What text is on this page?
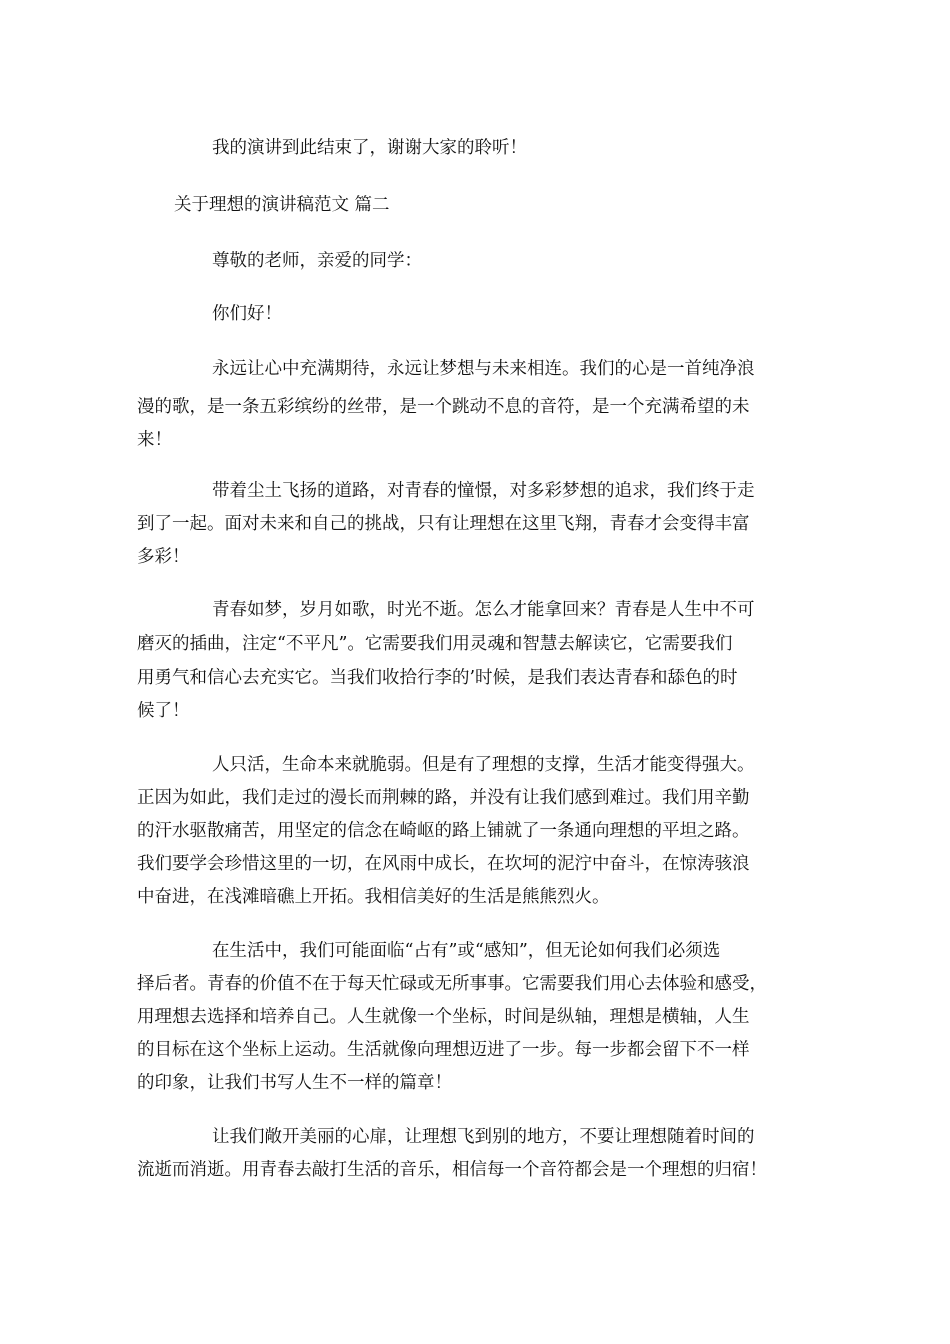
我的演讲到此结束了，谢谢大家的聆听！
关于理想的演讲稿范文 篇二
尊敬的老师，亲爱的同学：
你们好！
永远让心中充满期待，永远让梦想与未来相连。我们的心是一首纯净浪
漫的歌，是一条五彩缤纷的丝带，是一个跳动不息的音符，是一个充满希望的未
来！
带着尘土飞扬的道路，对青春的憧憬，对多彩梦想的追求，我们终于走
到了一起。面对未来和自己的挑战，只有让理想在这里飞翔，青春才会变得丰富
多彩！
青春如梦，岁月如歌，时光不逝。怎么才能拿回来？青春是人生中不可
磨灭的插曲，注定“不平凡”。它需要我们用灵魂和智慧去解读它，它需要我们
用勇气和信心去充实它。当我们收拾行李的’时候，是我们表达青春和舔色的时
候了！
人只活，生命本来就脆弱。但是有了理想的支撑，生活才能变得强大。
正因为如此，我们走过的漫长而荆棘的路，并没有让我们感到难过。我们用辛勤
的汗水驱散痛苦，用坚定的信念在崎岖的路上铺就了一条通向理想的平坦之路。
我们要学会珍惜这里的一切，在风雨中成长，在坎坷的泥泞中奋斗，在惊涛骇浪
中奋进，在浅滩暗礁上开拓。我相信美好的生活是熊熊烈火。
在生活中，我们可能面临“占有”或“感知”，但无论如何我们必须选
择后者。青春的价值不在于每天忙碌或无所事事。它需要我们用心去体验和感受，
用理想去选择和培养自己。人生就像一个坐标，时间是纵轴，理想是横轴，人生
的目标在这个坐标上运动。生活就像向理想迈进了一步。每一步都会留下不一样
的印象，让我们书写人生不一样的篇章！
让我们敞开美丽的心扉，让理想飞到别的地方，不要让理想随着时间的
流逝而消逝。用青春去敲打生活的音乐，相信每一个音符都会是一个理想的归宿！
